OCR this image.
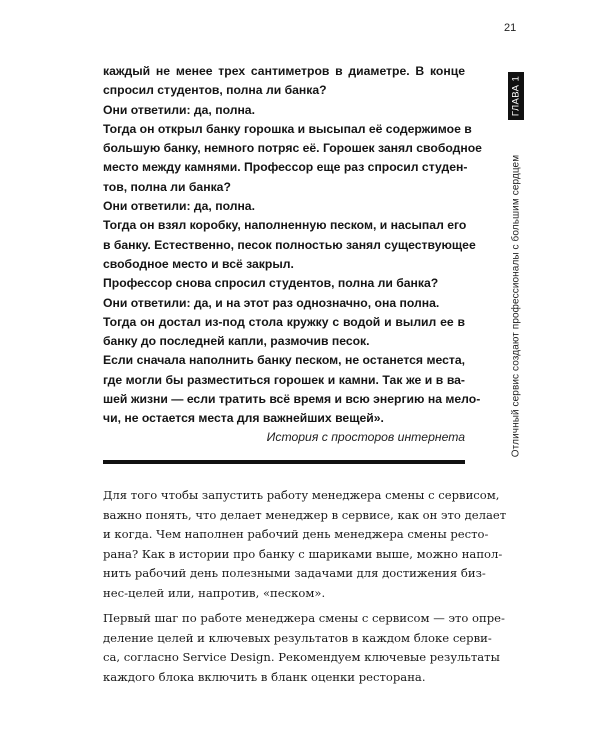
21
ГЛАВА 1
Отличный сервис создают профессионалы с большим сердцем
каждый не менее трех сантиметров в диаметре. В конце
спросил студентов, полна ли банка?
Они ответили: да, полна.
Тогда он открыл банку горошка и высыпал её содержимое в
большую банку, немного потряс её. Горошек занял свободное
место между камнями. Профессор еще раз спросил студен-
тов, полна ли банка?
Они ответили: да, полна.
Тогда он взял коробку, наполненную песком, и насыпал его
в банку. Естественно, песок полностью занял существующее
свободное место и всё закрыл.
Профессор снова спросил студентов, полна ли банка?
Они ответили: да, и на этот раз однозначно, она полна.
Тогда он достал из-под стола кружку с водой и вылил ее в
банку до последней капли, размочив песок.
Если сначала наполнить банку песком, не останется места,
где могли бы разместиться горошек и камни. Так же и в ва-
шей жизни — если тратить всё время и всю энергию на мело-
чи, не остается места для важнейших вещей».
История с просторов интернета
Для того чтобы запустить работу менеджера смены с сервисом,
важно понять, что делает менеджер в сервисе, как он это делает
и когда. Чем наполнен рабочий день менеджера смены ресто-
рана? Как в истории про банку с шариками выше, можно напол-
нить рабочий день полезными задачами для достижения биз-
нес-целей или, напротив, «песком».
Первый шаг по работе менеджера смены с сервисом — это опре-
деление целей и ключевых результатов в каждом блоке серви-
са, согласно Service Design. Рекомендуем ключевые результаты
каждого блока включить в бланк оценки ресторана.
